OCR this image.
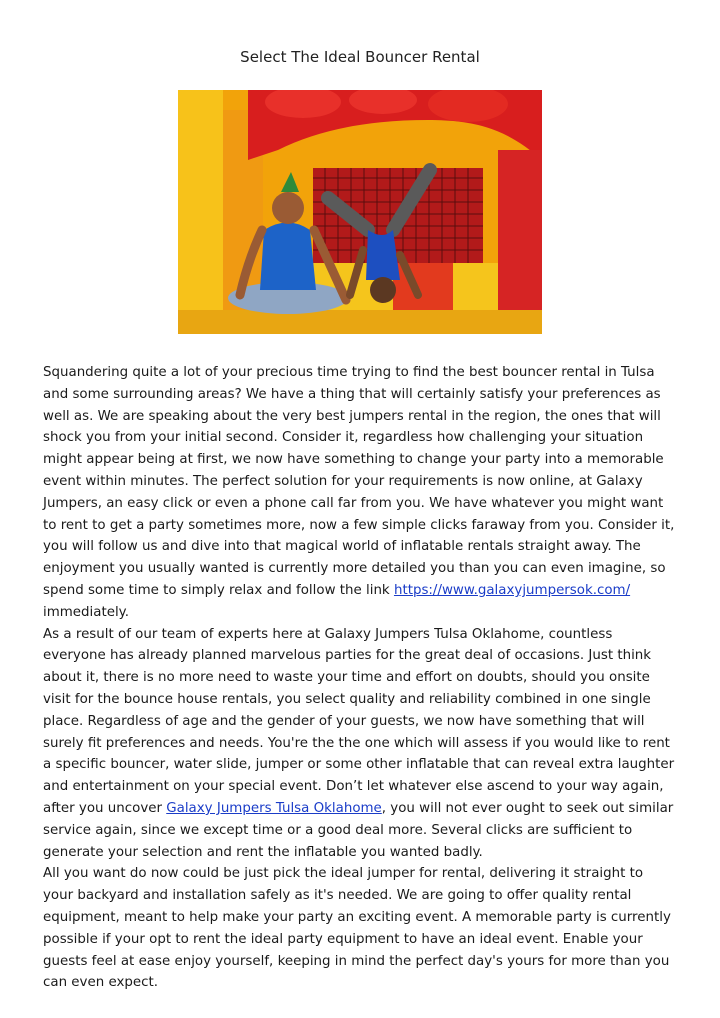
Select The Ideal Bouncer Rental

Squandering quite a lot of your precious time trying to find the best bouncer rental in Tulsa and some surrounding areas? We have a thing that will certainly satisfy your preferences as well as. We are speaking about the very best jumpers rental in the region, the ones that will shock you from your initial second. Consider it, regardless how challenging your situation might appear being at first, we now have something to change your party into a memorable event within minutes. The perfect solution for your requirements is now online, at Galaxy Jumpers, an easy click or even a phone call far from you. We have whatever you might want to rent to get a party sometimes more, now a few simple clicks faraway from you. Consider it, you will follow us and dive into that magical world of inflatable rentals straight away. The enjoyment you usually wanted is currently more detailed you than you can even imagine, so spend some time to simply relax and follow the link https://www.galaxyjumpersok.com/ immediately.

As a result of our team of experts here at Galaxy Jumpers Tulsa Oklahome, countless everyone has already planned marvelous parties for the great deal of occasions. Just think about it, there is no more need to waste your time and effort on doubts, should you onsite visit for the bounce house rentals, you select quality and reliability combined in one single place. Regardless of age and the gender of your guests, we now have something that will surely fit preferences and needs. You're the the one which will assess if you would like to rent a specific bouncer, water slide, jumper or some other inflatable that can reveal extra laughter and entertainment on your special event. Don’t let whatever else ascend to your way again, after you uncover Galaxy Jumpers Tulsa Oklahome, you will not ever ought to seek out similar service again, since we except time or a good deal more. Several clicks are sufficient to generate your selection and rent the inflatable you wanted badly.

All you want do now could be just pick the ideal jumper for rental, delivering it straight to your backyard and installation safely as it's needed. We are going to offer quality rental equipment, meant to help make your party an exciting event. A memorable party is currently possible if your opt to rent the ideal party equipment to have an ideal event. Enable your guests feel at ease enjoy yourself, keeping in mind the perfect day's yours for more than you can even expect.
